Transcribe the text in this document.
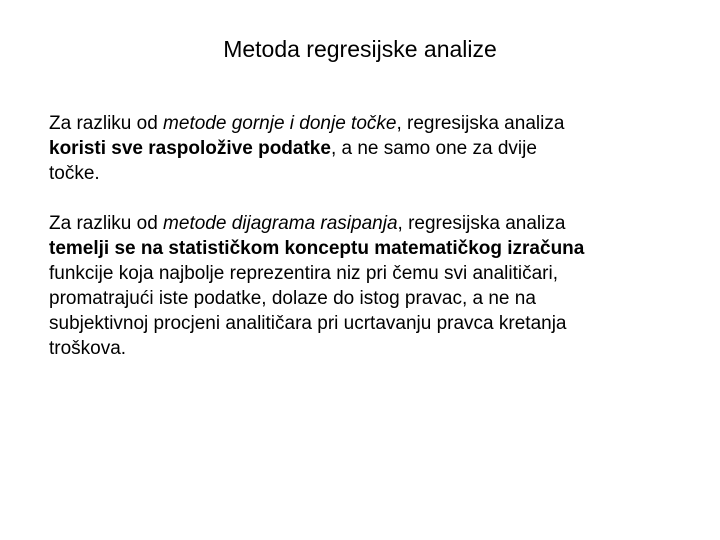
Metoda regresijske analize

Za razliku od metode gornje i donje točke, regresijska analiza
koristi sve raspoložive podatke, a ne samo one za dvije
točke.

Za razliku od metode dijagrama rasipanja, regresijska analiza
temelji se na statističkom konceptu matematičkog izračuna
funkcije koja najbolje reprezentira niz pri čemu svi analitičari,
promatrajući iste podatke, dolaze do istog pravac, a ne na
subjektivnoj procjeni analitičara pri ucrtavanju pravca kretanja
troškova.
